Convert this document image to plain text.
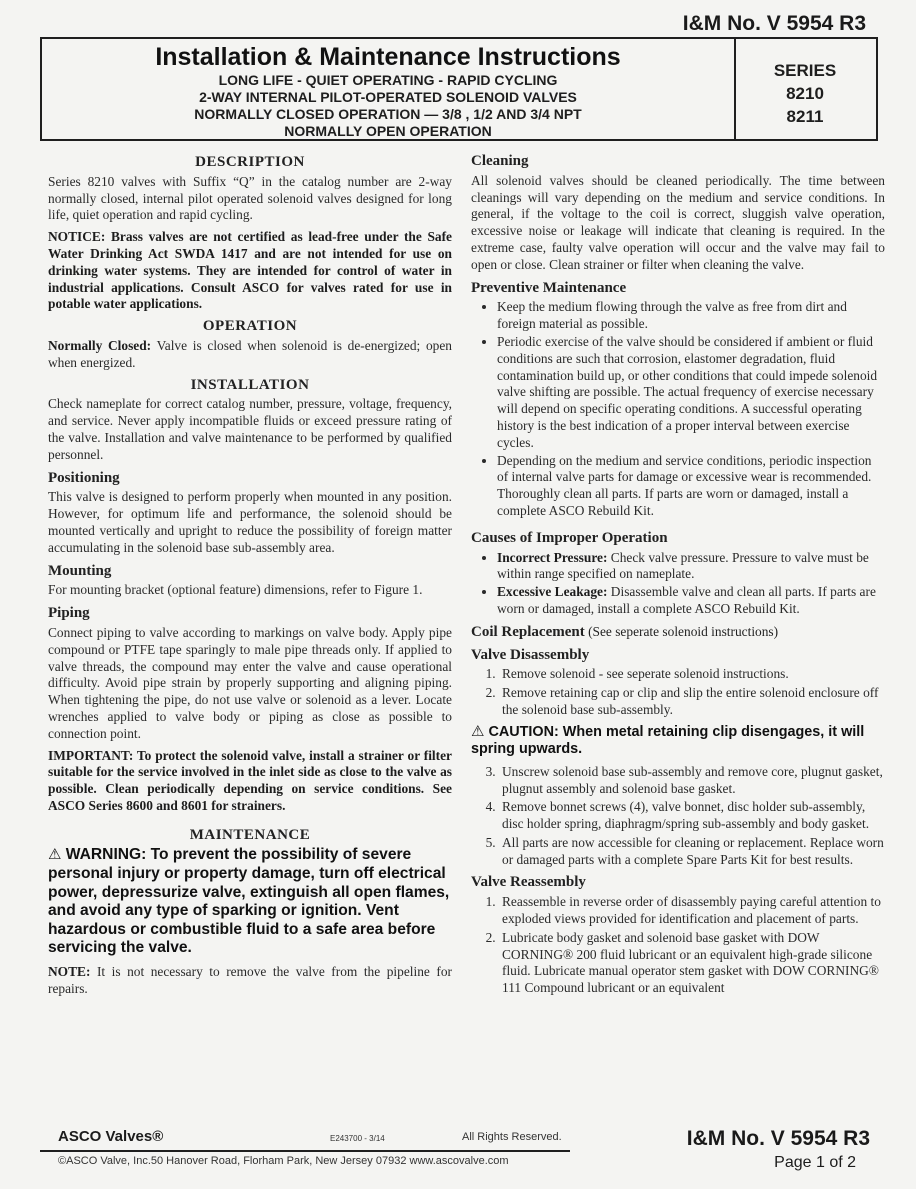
I&M No. V 5954 R3
Installation & Maintenance Instructions
LONG LIFE - QUIET OPERATING - RAPID CYCLING
2-WAY INTERNAL PILOT-OPERATED SOLENOID VALVES
NORMALLY CLOSED OPERATION — 3/8 , 1/2 AND 3/4 NPT
NORMALLY OPEN OPERATION
SERIES
8210
8211
DESCRIPTION

Series 8210 valves with Suffix “Q” in the catalog number are 2-way normally closed, internal pilot operated solenoid valves designed for long life, quiet operation and rapid cycling.

NOTICE: Brass valves are not certified as lead-free under the Safe Water Drinking Act SWDA 1417 and are not intended for use on drinking water systems. They are intended for control of water in industrial applications. Consult ASCO for valves rated for use in potable water applications.

OPERATION

Normally Closed: Valve is closed when solenoid is de-energized; open when energized.

INSTALLATION

Check nameplate for correct catalog number, pressure, voltage, frequency, and service. Never apply incompatible fluids or exceed pressure rating of the valve. Installation and valve maintenance to be performed by qualified personnel.

Positioning

This valve is designed to perform properly when mounted in any position. However, for optimum life and performance, the solenoid should be mounted vertically and upright to reduce the possibility of foreign matter accumulating in the solenoid base sub-assembly area.

Mounting

For mounting bracket (optional feature) dimensions, refer to Figure 1.

Piping

Connect piping to valve according to markings on valve body. Apply pipe compound or PTFE tape sparingly to male pipe threads only. If applied to valve threads, the compound may enter the valve and cause operational difficulty. Avoid pipe strain by properly supporting and aligning piping. When tightening the pipe, do not use valve or solenoid as a lever. Locate wrenches applied to valve body or piping as close as possible to connection point.

IMPORTANT: To protect the solenoid valve, install a strainer or filter suitable for the service involved in the inlet side as close to the valve as possible. Clean periodically depending on service conditions. See ASCO Series 8600 and 8601 for strainers.

MAINTENANCE
⚠ WARNING: To prevent the possibility of severe personal injury or property damage, turn off electrical power, depressurize valve, extinguish all open flames, and avoid any type of sparking or ignition. Vent hazardous or combustible fluid to a safe area before servicing the valve.

NOTE: It is not necessary to remove the valve from the pipeline for repairs.

Cleaning

All solenoid valves should be cleaned periodically. The time between cleanings will vary depending on the medium and service conditions. In general, if the voltage to the coil is correct, sluggish valve operation, excessive noise or leakage will indicate that cleaning is required. In the extreme case, faulty valve operation will occur and the valve may fail to open or close. Clean strainer or filter when cleaning the valve.

Preventive Maintenance
• Keep the medium flowing through the valve as free from dirt and foreign material as possible.
• Periodic exercise of the valve should be considered if ambient or fluid conditions are such that corrosion, elastomer degradation, fluid contamination build up, or other conditions that could impede solenoid valve shifting are possible. The actual frequency of exercise necessary will depend on specific operating conditions. A successful operating history is the best indication of a proper interval between exercise cycles.
• Depending on the medium and service conditions, periodic inspection of internal valve parts for damage or excessive wear is recommended. Thoroughly clean all parts. If parts are worn or damaged, install a complete ASCO Rebuild Kit.
Causes of Improper Operation
• Incorrect Pressure: Check valve pressure. Pressure to valve must be within range specified on nameplate.
• Excessive Leakage: Disassemble valve and clean all parts. If parts are worn or damaged, install a complete ASCO Rebuild Kit.
Coil Replacement (See seperate solenoid instructions)
Valve Disassembly
1. Remove solenoid - see seperate solenoid instructions.
2. Remove retaining cap or clip and slip the entire solenoid enclosure off the solenoid base sub-assembly.
⚠ CAUTION: When metal retaining clip disengages, it will spring upwards.
3. Unscrew solenoid base sub-assembly and remove core, plugnut gasket, plugnut assembly and solenoid base gasket.
4. Remove bonnet screws (4), valve bonnet, disc holder sub-assembly, disc holder spring, diaphragm/spring sub-assembly and body gasket.
5. All parts are now accessible for cleaning or replacement. Replace worn or damaged parts with a complete Spare Parts Kit for best results.
Valve Reassembly
1. Reassemble in reverse order of disassembly paying careful attention to exploded views provided for identification and placement of parts.
2. Lubricate body gasket and solenoid base gasket with DOW CORNING® 200 fluid lubricant or an equivalent high-grade silicone fluid. Lubricate manual operator stem gasket with DOW CORNING® 111 Compound lubricant or an equivalent
ASCO Valves®	E243700 - 3/14	All Rights Reserved.
©ASCO Valve, Inc.50 Hanover Road, Florham Park, New Jersey 07932 www.ascovalve.com
I&M No. V 5954 R3
Page 1 of 2
